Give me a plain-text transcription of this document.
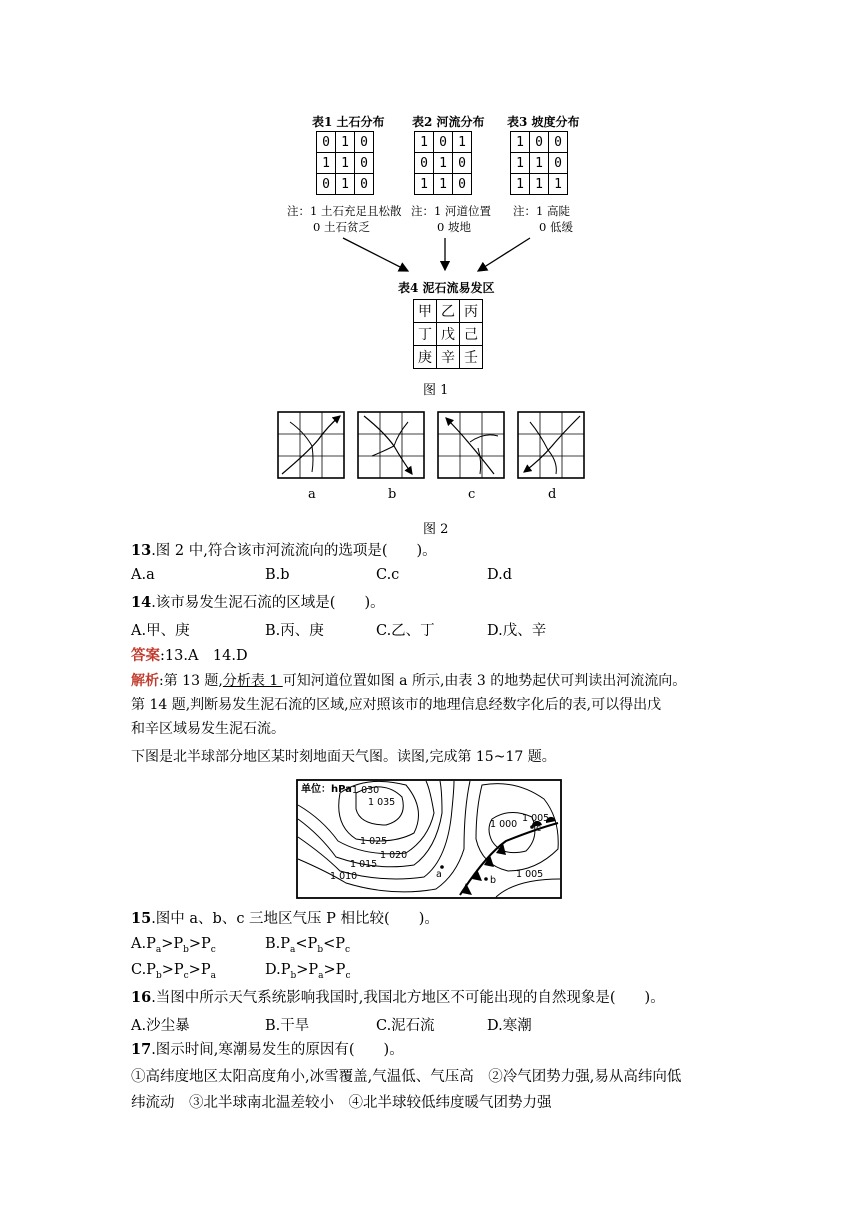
表1 土石分布 表2 河流分布 表3 坡度分布
0	1	0
1	1	0
0	1	0
1	0	1
0	1	0
1	1	0
1	0	0
1	1	0
1	1	1
注：1 土石充足且松散
0 土石贫乏
注：1 河道位置
0 坡地
注：1 高陡
0 低缓
表4 泥石流易发区
甲	乙	丙
丁	戊	己
庚	辛	壬
图 1
a	b	c	d
图 2
13.图 2 中,符合该市河流流向的选项是(　　)。
A.a	B.b	C.c	D.d
14.该市易发生泥石流的区域是(　　)。
A.甲、庚	B.丙、庚	C.乙、丁	D.戊、辛
答案:13.A　14.D
解析:第 13 题,分析表 1 可知河道位置如图 a 所示,由表 3 的地势起伏可判读出河流流向。
第 14 题,判断易发生泥石流的区域,应对照该市的地理信息经数字化后的表,可以得出戊
和辛区域易发生泥石流。
下图是北半球部分地区某时刻地面天气图。读图,完成第 15~17 题。
单位：hPa 1 030
1 035
1 025
1 020
1 015
1 010
1 000
1 005
1 005
a
b
c
15.图中 a、b、c 三地区气压 P 相比较(　　)。
$A.P_a>P_b>P_c$	$B.P_a<P_b<P_c$
$C.P_b>P_c>P_a$	$D.P_b>P_a>P_c$
16.当图中所示天气系统影响我国时,我国北方地区不可能出现的自然现象是(　　)。
A.沙尘暴	B.干旱	C.泥石流	D.寒潮
17.图示时间,寒潮易发生的原因有(　　)。
①高纬度地区太阳高度角小,冰雪覆盖,气温低、气压高　②冷气团势力强,易从高纬向低
纬流动　③北半球南北温差较小　④北半球较低纬度暖气团势力强
